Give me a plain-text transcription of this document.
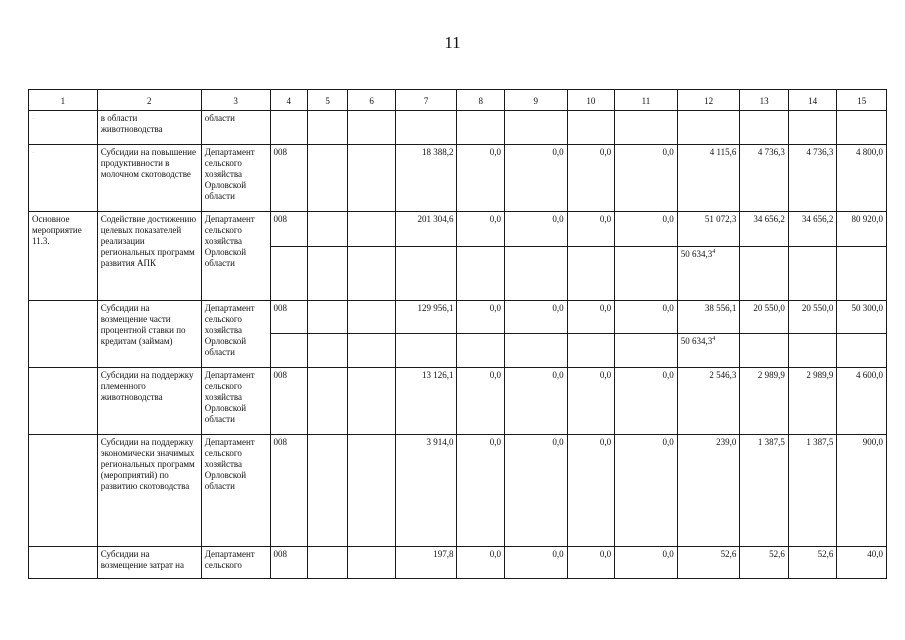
11
1	2	3	4	5	6	7	8	9	10	11	12	13	14	15
·	в области животноводства	области												
·	Субсидии на повышение продуктивности в молочном скотоводстве	Департамент сельского хозяйства Орловской области	008			18 388,2	0,0	0,0	0,0	0,0	4 115,6	4 736,3	4 736,3	4 800,0
Основное мероприятие 11.3.	Содействие достижению целевых показателей реализации региональных программ развития АПК	Департамент сельского хозяйства Орловской области	008			201 304,6	0,0	0,0	0,0	0,0	51 072,3	34 656,2	34 656,2	80 920,0
											50 634,3$^4$			
	Субсидии на возмещение части процентной ставки по кредитам (займам)	Департамент сельского хозяйства Орловской области	008			129 956,1	0,0	0,0	0,0	0,0	38 556,1	20 550,0	20 550,0	50 300,0
											50 634,3$^4$			
	Субсидии на поддержку племенного животноводства	Департамент сельского хозяйства Орловской области	008			13 126,1	0,0	0,0	0,0	0,0	2 546,3	2 989,9	2 989,9	4 600,0
	Субсидии на поддержку экономически значимых региональных программ (мероприятий) по развитию скотоводства	Департамент сельского хозяйства Орловской области	008			3 914,0	0,0	0,0	0,0	0,0	239,0	1 387,5	1 387,5	900,0
	Субсидии на возмещение затрат на	Департамент сельского	008			197,8	0,0	0,0	0,0	0,0	52,6	52,6	52,6	40,0
